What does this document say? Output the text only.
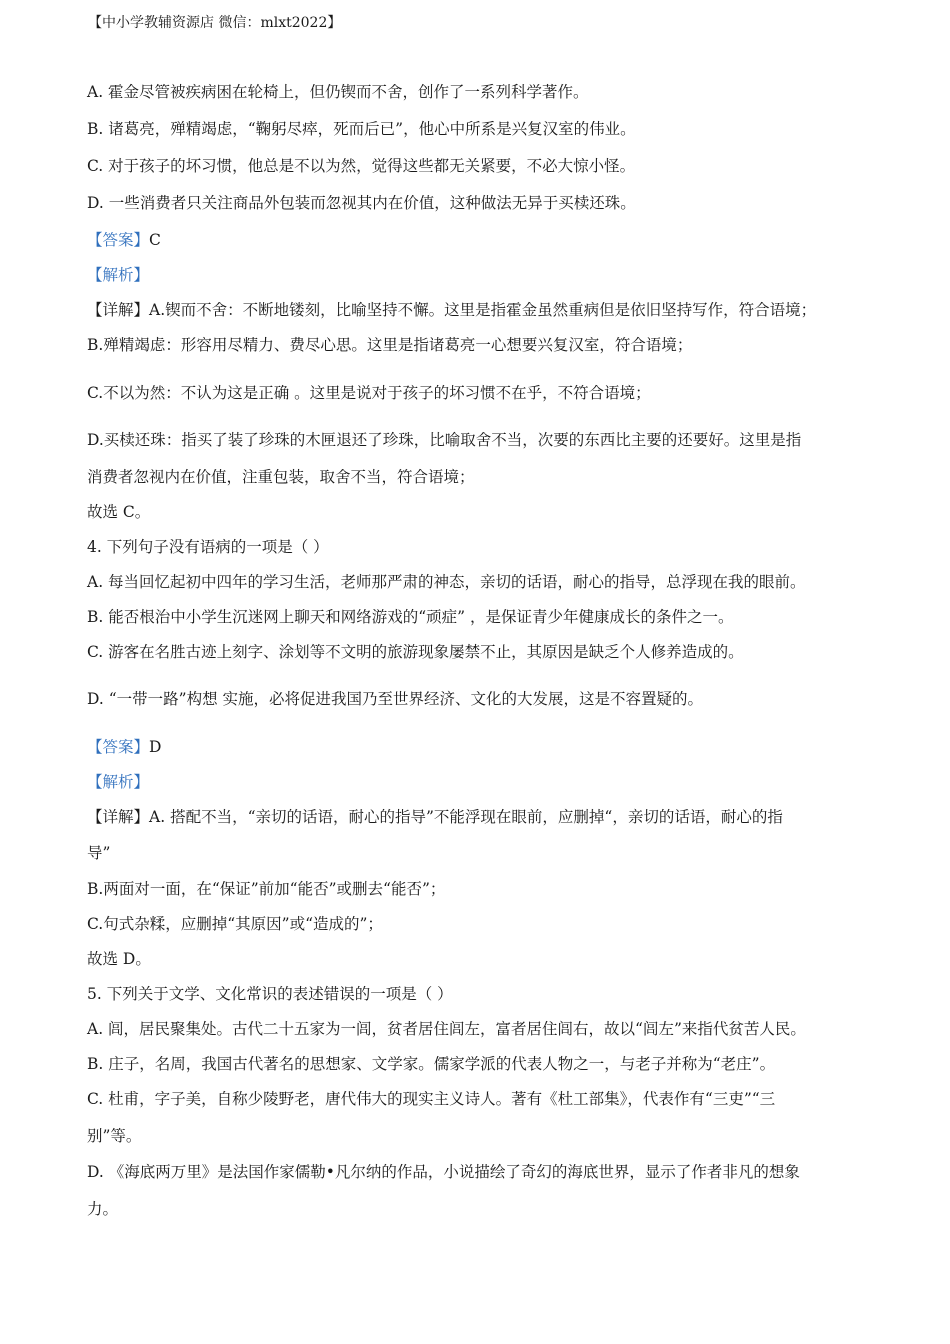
【中小学教辅资源店 微信：mlxt2022】
A. 霍金尽管被疾病困在轮椅上，但仍锲而不舍，创作了一系列科学著作。
B. 诸葛亮，殚精竭虑，“鞠躬尽瘁，死而后已”，他心中所系是兴复汉室的伟业。
C. 对于孩子的坏习惯，他总是不以为然，觉得这些都无关紧要，不必大惊小怪。
D. 一些消费者只关注商品外包装而忽视其内在价值，这种做法无异于买椟还珠。
【答案】C
【解析】
【详解】A.锲而不舍：不断地镂刻，比喻坚持不懈。这里是指霍金虽然重病但是依旧坚持写作，符合语境；
B.殚精竭虑：形容用尽精力、费尽心思。这里是指诸葛亮一心想要兴复汉室，符合语境；
C.不以为然：不认为这是正确 。这里是说对于孩子的坏习惯不在乎，不符合语境；
D.买椟还珠：指买了装了珍珠的木匣退还了珍珠，比喻取舍不当，次要的东西比主要的还要好。这里是指
消费者忽视内在价值，注重包装，取舍不当，符合语境；
故选 C。
4. 下列句子没有语病的一项是（ ）
A. 每当回忆起初中四年的学习生活，老师那严肃的神态，亲切的话语，耐心的指导，总浮现在我的眼前。
B. 能否根治中小学生沉迷网上聊天和网络游戏的“顽症” ，是保证青少年健康成长的条件之一。
C. 游客在名胜古迹上刻字、涂划等不文明的旅游现象屡禁不止，其原因是缺乏个人修养造成的。
D. “一带一路”构想 实施，必将促进我国乃至世界经济、文化的大发展，这是不容置疑的。
【答案】D
【解析】
【详解】A. 搭配不当，“亲切的话语，耐心的指导”不能浮现在眼前，应删掉“，亲切的话语，耐心的指
导”
B.两面对一面，在“保证”前加“能否”或删去“能否”；
C.句式杂糅，应删掉“其原因”或“造成的”；
故选 D。
5. 下列关于文学、文化常识的表述错误的一项是（ ）
A. 闾，居民聚集处。古代二十五家为一闾，贫者居住闾左，富者居住闾右，故以“闾左”来指代贫苦人民。
B. 庄子，名周，我国古代著名的思想家、文学家。儒家学派的代表人物之一，与老子并称为“老庄”。
C. 杜甫，字子美，自称少陵野老，唐代伟大的现实主义诗人。著有《杜工部集》，代表作有“三吏”“三
别”等。
D. 《海底两万里》是法国作家儒勒•凡尔纳的作品，小说描绘了奇幻的海底世界，显示了作者非凡的想象
力。
